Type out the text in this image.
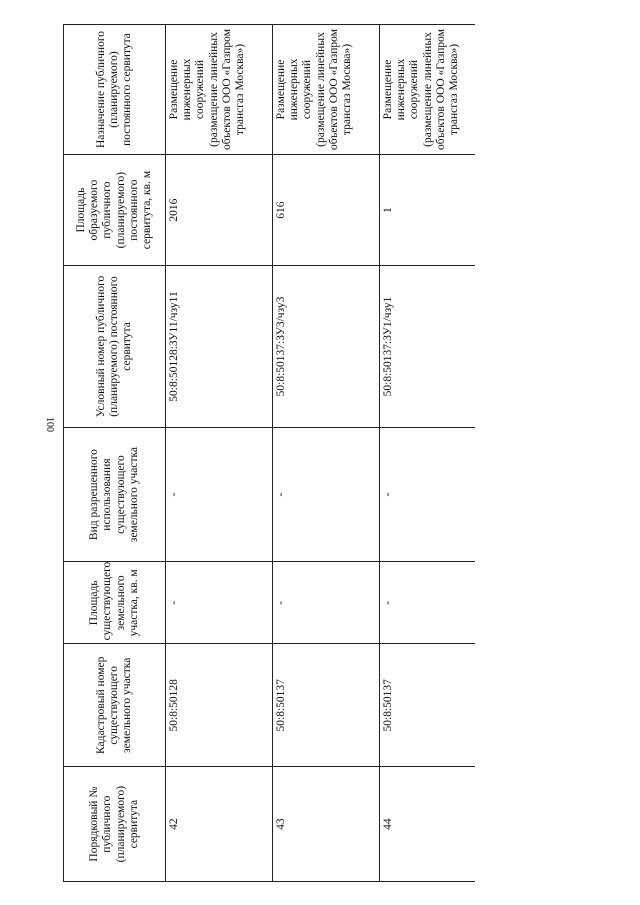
100
Порядковый № публичного (планируемого) сервитута	Кадастровый номер существующего земельного участка	Площадь существующего земельного участка, кв. м	Вид разрешенного использования существующего земельного участка	Условный номер публичного (планируемого) постоянного сервитута	Площадь образуемого публичного (планируемого) постоянного сервитута, кв. м	Назначение публичного (планируемого) постоянного сервитута
42	50:8:50128	-	-	50:8:50128:ЗУ11/чзу11	2016	Размещение инженерных сооружений (размещение линейных объектов ООО «Газпром трансгаз Москва»)
43	50:8:50137	-	-	50:8:50137:ЗУ3/чзу3	616	Размещение инженерных сооружений (размещение линейных объектов ООО «Газпром трансгаз Москва»)
44	50:8:50137	-	-	50:8:50137:ЗУ1/чзу1	1	Размещение инженерных сооружений (размещение линейных объектов ООО «Газпром трансгаз Москва»)
